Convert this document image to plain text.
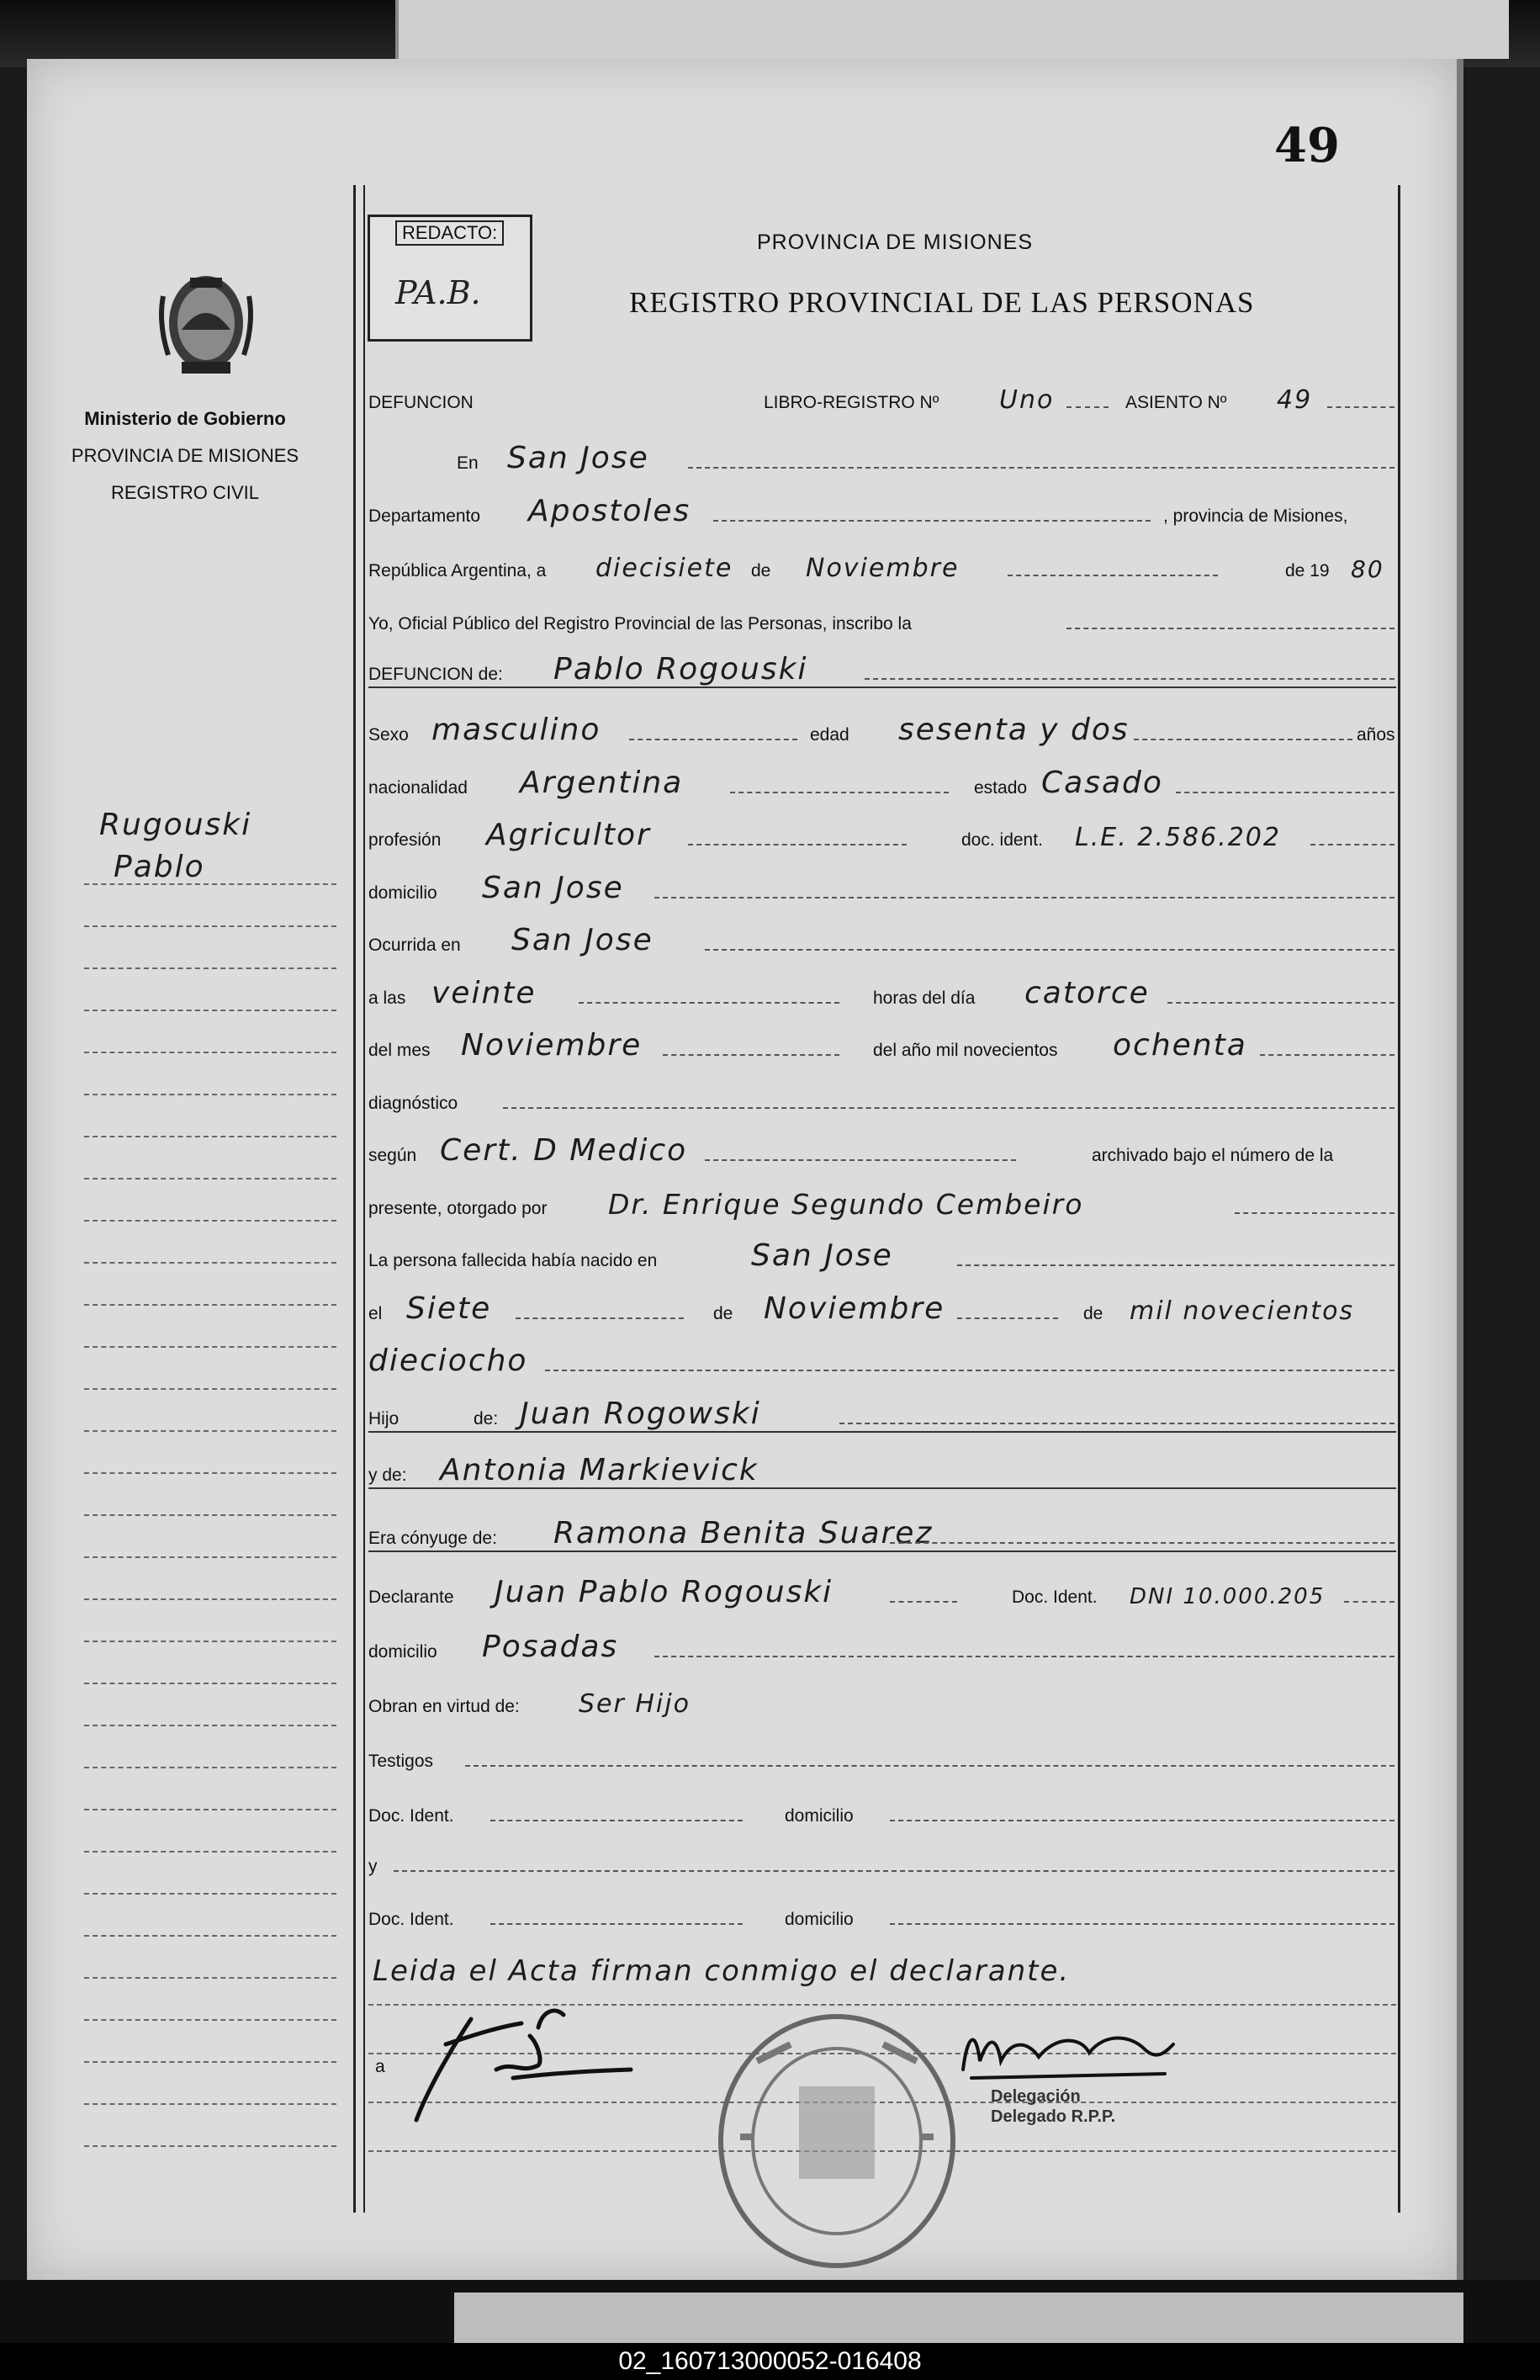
49
REDACTO:
PA.B.
PROVINCIA DE MISIONES
REGISTRO PROVINCIAL DE LAS PERSONAS
Ministerio de Gobierno
PROVINCIA DE MISIONES
REGISTRO CIVIL
Rugouski
Pablo
DEFUNCION	LIBRO-REGISTRO Nº Uno	ASIENTO Nº 49
En San Jose
Departamento Apostoles	, provincia de Misiones,
República Argentina, a diecisiete de Noviembre	de 19 80
Yo, Oficial Público del Registro Provincial de las Personas, inscribo la
DEFUNCION de: Pablo Rogouski
Sexo masculino	edad sesenta y dos	años
nacionalidad Argentina	estado Casado
profesión Agricultor	doc. ident. L.E. 2.586.202
domicilio San Jose
Ocurrida en San Jose
a las veinte	horas del día catorce
del mes Noviembre	del año mil novecientos ochenta
diagnóstico
según Cert. D Medico	archivado bajo el número de la
presente, otorgado por Dr. Enrique Segundo Cembeiro
La persona fallecida había nacido en	San Jose
el Siete	de Noviembre	de mil novecientos
dieciocho
Hijo	de: Juan Rogowski
y de: Antonia Markievick
Era cónyuge de: Ramona Benita Suarez
Declarante Juan Pablo Rogouski	Doc. Ident. DNI 10.000.205
domicilio Posadas
Obran en virtud de: Ser Hijo
Testigos
Doc. Ident.	domicilio
y
Doc. Ident.	domicilio
Leida el Acta firman conmigo el declarante.
a
Delegación
Delegado R.P.P.
02_160713000052-016408
